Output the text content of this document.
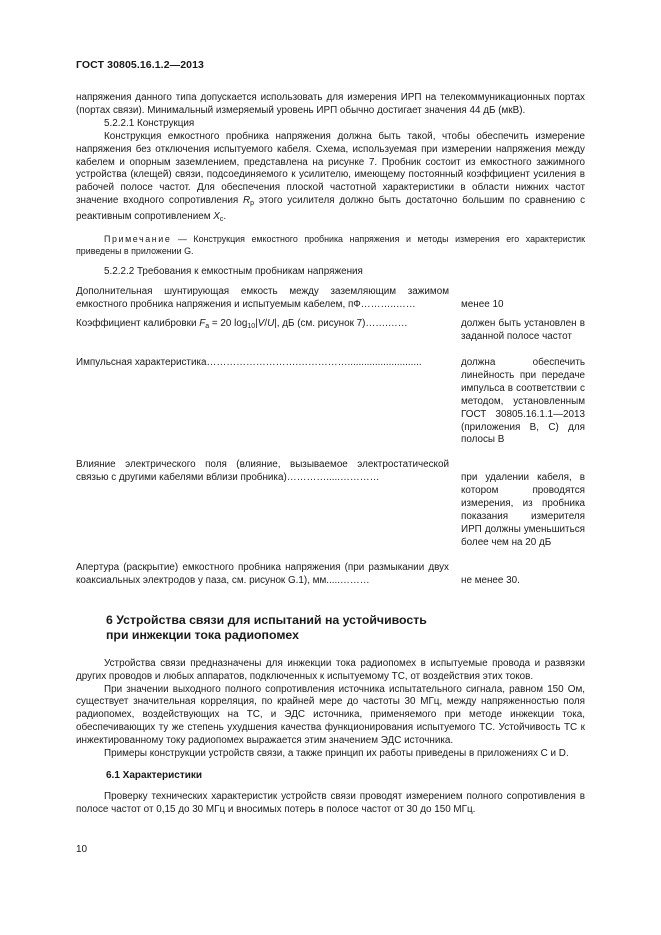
ГОСТ 30805.16.1.2—2013

напряжения данного типа допускается использовать для измерения ИРП на телекоммуникационных портах (портах связи). Минимальный измеряемый уровень ИРП обычно достигает значения 44 дБ (мкВ).

5.2.2.1 Конструкция

Конструкция емкостного пробника напряжения должна быть такой, чтобы обеспечить измерение напряжения без отключения испытуемого кабеля. Схема, используемая при измерении напряжения между кабелем и опорным заземлением, представлена на рисунке 7. Пробник состоит из емкостного зажимного устройства (клещей) связи, подсоединяемого к усилителю, имеющему постоянный коэффициент усиления в рабочей полосе частот. Для обеспечения плоской частотной характеристики в области нижних частот значение входного сопротивления $R_p$ этого усилителя должно быть достаточно большим по сравнению с реактивным сопротивлением $X_c$.

Примечание — Конструкция емкостного пробника напряжения и методы измерения его характеристик приведены в приложении G.

5.2.2.2 Требования к емкостным пробникам напряжения

Дополнительная шунтирующая емкость между заземляющим зажимом емкостного пробника напряжения и испытуемым кабелем, пФ………..……	менее 10
Коэффициент калибровки $F_a = 20$ $\log_{10}|V/U|$, дБ (см. рисунок 7)…….……	должен быть установлен в заданной полосе частот
Импульсная характеристика……………………….……………...........................	должна обеспечить линейность при передаче импульса в соответствии с методом, установленным ГОСТ 30805.16.1.1—2013 (приложения B, C) для полосы B
Влияние электрического поля (влияние, вызываемое электростатической связью с другими кабелями вблизи пробника)………….....…………	при удалении кабеля, в котором проводятся измерения, из пробника показания измерителя ИРП должны уменьшиться более чем на 20 дБ
Апертура (раскрытие) емкостного пробника напряжения (при размыкании двух коаксиальных электродов у паза, см. рисунок G.1), мм.....………	не менее 30.
6 Устройства связи для испытаний на устойчивость
при инжекции тока радиопомех

Устройства связи предназначены для инжекции тока радиопомех в испытуемые провода и развязки других проводов и любых аппаратов, подключенных к испытуемому ТС, от воздействия этих токов.

При значении выходного полного сопротивления источника испытательного сигнала, равном 150 Ом, существует значительная корреляция, по крайней мере до частоты 30 МГц, между напряженностью поля радиопомех, воздействующих на ТС, и ЭДС источника, применяемого при методе инжекции тока, обеспечивающих ту же степень ухудшения качества функционирования испытуемого ТС. Устойчивость ТС к инжектированному току радиопомех выражается этим значением ЭДС источника.

Примеры конструкции устройств связи, а также принцип их работы приведены в приложениях C и D.

6.1 Характеристики

Проверку технических характеристик устройств связи проводят измерением полного сопротивления в полосе частот от 0,15 до 30 МГц и вносимых потерь в полосе частот от 30 до 150 МГц.

10
